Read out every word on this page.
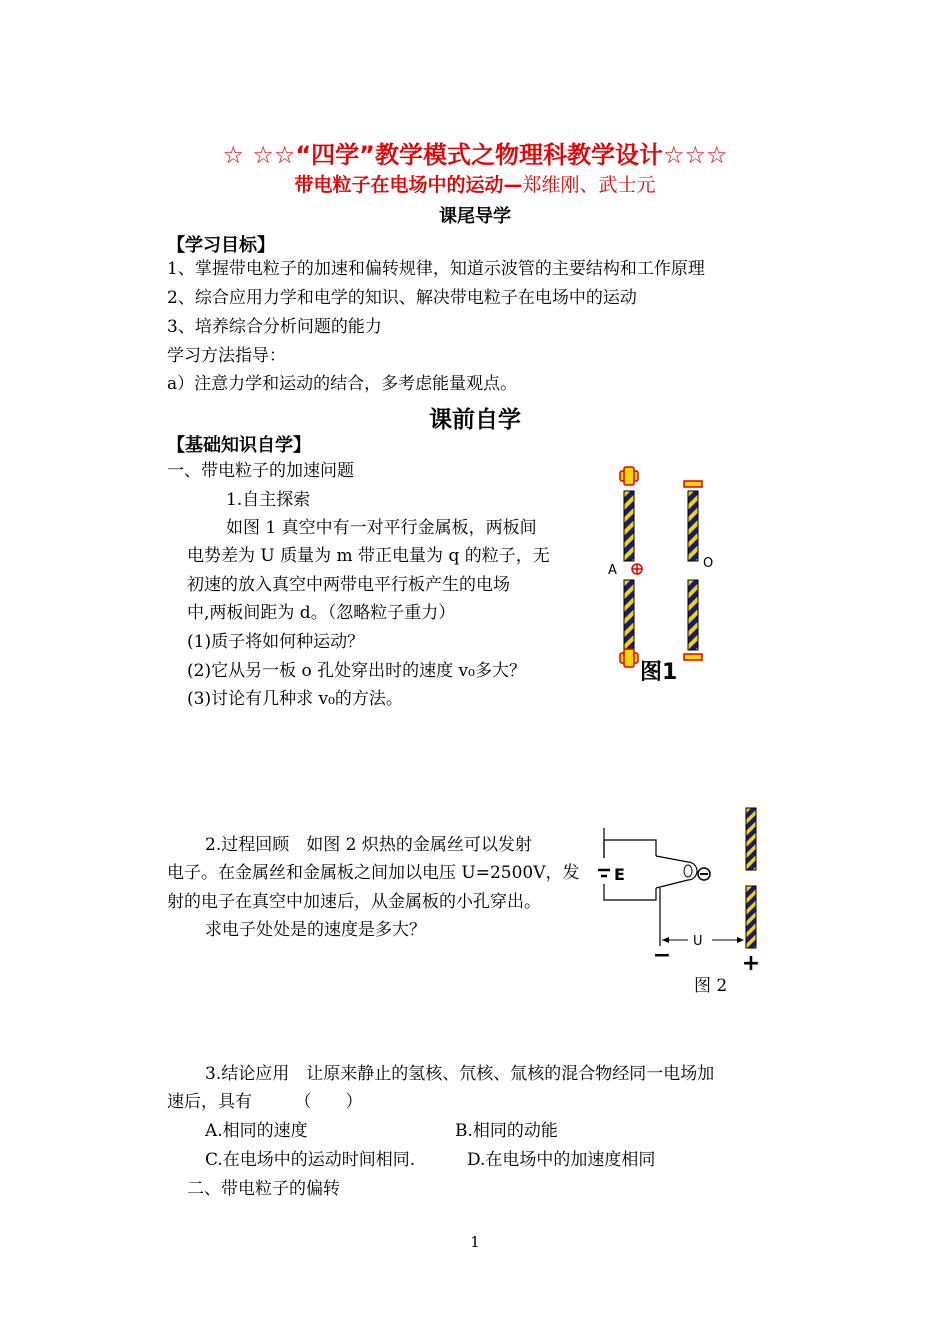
☆ ☆☆“四学”教学模式之物理科教学设计☆☆☆
带电粒子在电场中的运动—郑维刚、武士元
课尾导学
【学习目标】
1、掌握带电粒子的加速和偏转规律，知道示波管的主要结构和工作原理
2、综合应用力学和电学的知识、解决带电粒子在电场中的运动
3、培养综合分析问题的能力
学习方法指导：
a）注意力学和运动的结合，多考虑能量观点。
课前自学
【基础知识自学】
一、带电粒子的加速问题
1.自主探索
如图 1 真空中有一对平行金属板，两板间
电势差为 U 质量为 m 带正电量为 q 的粒子，无
初速的放入真空中两带电平行板产生的电场
中,两板间距为 d。（忽略粒子重力）
(1)质子将如何种运动？
(2)它从另一板 o 孔处穿出时的速度 v₀多大？
(3)讨论有几种求 v₀的方法。
A	O
图1
2.过程回顾　如图 2 炽热的金属丝可以发射
电子。在金属丝和金属板之间加以电压 U=2500V，发
射的电子在真空中加速后，从金属板的小孔穿出。
求电子处处是的速度是多大？
E
U
−	+
图 2
3.结论应用　让原来静止的氢核、氘核、氚核的混合物经同一电场加
速后，具有　　　（　　）
A.相同的速度	B.相同的动能
C.在电场中的运动时间相同.	D.在电场中的加速度相同
二、带电粒子的偏转
1
